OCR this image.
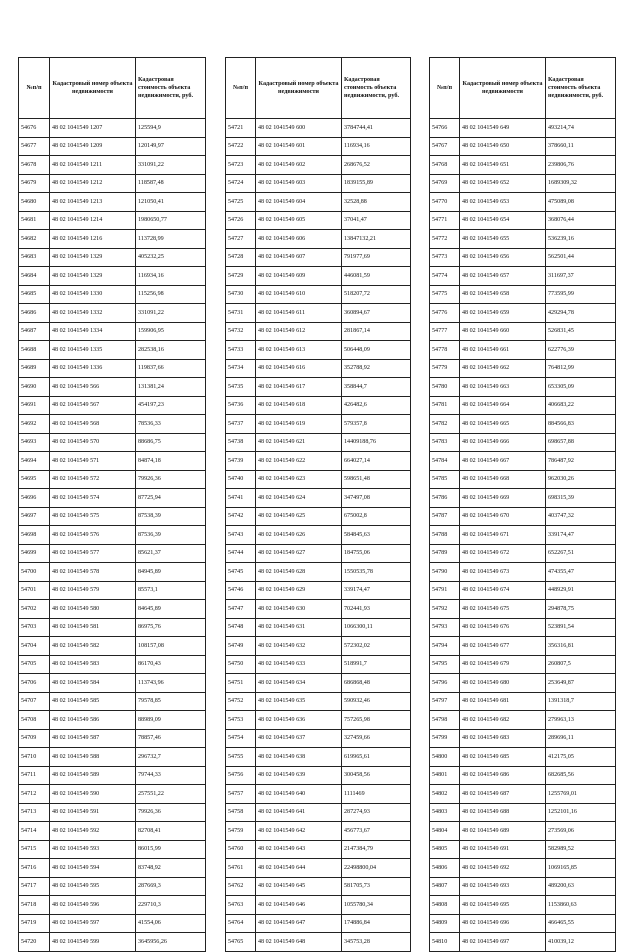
№п/п	Кадастровый номер объекта недвижимости	Кадастровая стоимость объекта недвижимости, руб.
54676	48 02 1041549 1207	125594,9
54677	48 02 1041549 1209	120149,97
54678	48 02 1041549 1211	331091,22
54679	48 02 1041549 1212	118587,48
54680	48 02 1041549 1213	121050,41
54681	48 02 1041549 1214	1980650,77
54682	48 02 1041549 1216	113728,99
54683	48 02 1041549 1329	405232,25
54684	48 02 1041549 1329	116934,16
54685	48 02 1041549 1330	115256,98
54686	48 02 1041549 1332	331091,22
54687	48 02 1041549 1334	159906,95
54688	48 02 1041549 1335	282538,16
54689	48 02 1041549 1336	119837,66
54690	48 02 1041549 566	131381,24
54691	48 02 1041549 567	454197,23
54692	48 02 1041549 568	78536,33
54693	48 02 1041549 570	88686,75
54694	48 02 1041549 571	84874,18
54695	48 02 1041549 572	79926,36
54696	48 02 1041549 574	87725,94
54697	48 02 1041549 575	87538,39
54698	48 02 1041549 576	87536,39
54699	48 02 1041549 577	85621,37
54700	48 02 1041549 578	84945,89
54701	48 02 1041549 579	85573,1
54702	48 02 1041549 580	84645,89
54703	48 02 1041549 581	86975,76
54704	48 02 1041549 582	108157,08
54705	48 02 1041549 583	86170,43
54706	48 02 1041549 584	113743,96
54707	48 02 1041549 585	79578,85
54708	48 02 1041549 586	88989,09
54709	48 02 1041549 587	78857,46
54710	48 02 1041549 588	296732,7
54711	48 02 1041549 589	79744,33
54712	48 02 1041549 590	257551,22
54713	48 02 1041549 591	79926,36
54714	48 02 1041549 592	82708,41
54715	48 02 1041549 593	86015,99
54716	48 02 1041549 594	83748,92
54717	48 02 1041549 595	287669,3
54718	48 02 1041549 596	229710,3
54719	48 02 1041549 597	41554,06
54720	48 02 1041549 599	3645956,26
№п/п	Кадастровый номер объекта недвижимости	Кадастровая стоимость объекта недвижимости, руб.
54721	48 02 1041549 600	3784744,41
54722	48 02 1041549 601	116934,16
54723	48 02 1041549 602	268676,52
54724	48 02 1041549 603	1839155,89
54725	48 02 1041549 604	32528,88
54726	48 02 1041549 605	37041,47
54727	48 02 1041549 606	13847132,21
54728	48 02 1041549 607	791977,69
54729	48 02 1041549 609	446081,59
54730	48 02 1041549 610	518207,72
54731	48 02 1041549 611	360894,67
54732	48 02 1041549 612	281867,14
54733	48 02 1041549 613	506448,09
54734	48 02 1041549 616	352788,92
54735	48 02 1041549 617	358844,7
54736	48 02 1041549 618	426482,6
54737	48 02 1041549 619	579357,8
54738	48 02 1041549 621	14409188,76
54739	48 02 1041549 622	664027,14
54740	48 02 1041549 623	598651,48
54741	48 02 1041549 624	347497,08
54742	48 02 1041549 625	675002,8
54743	48 02 1041549 626	584845,63
54744	48 02 1041549 627	184755,06
54745	48 02 1041549 628	1550535,78
54746	48 02 1041549 629	339174,47
54747	48 02 1041549 630	702441,93
54748	48 02 1041549 631	1066300,11
54749	48 02 1041549 632	572302,02
54750	48 02 1041549 633	518991,7
54751	48 02 1041549 634	686868,48
54752	48 02 1041549 635	590932,46
54753	48 02 1041549 636	757265,98
54754	48 02 1041549 637	327459,66
54755	48 02 1041549 638	619965,61
54756	48 02 1041549 639	300458,56
54757	48 02 1041549 640	1111469
54758	48 02 1041549 641	287274,93
54759	48 02 1041549 642	456773,67
54760	48 02 1041549 643	2147384,79
54761	48 02 1041549 644	22498800,04
54762	48 02 1041549 645	581705,73
54763	48 02 1041549 646	1055780,34
54764	48 02 1041549 647	174886,84
54765	48 02 1041549 648	345753,28
№п/п	Кадастровый номер объекта недвижимости	Кадастровая стоимость объекта недвижимости, руб.
54766	48 02 1041549 649	493214,74
54767	48 02 1041549 650	378660,11
54768	48 02 1041549 651	239806,76
54769	48 02 1041549 652	1689309,32
54770	48 02 1041549 653	475089,08
54771	48 02 1041549 654	368076,44
54772	48 02 1041549 655	536239,16
54773	48 02 1041549 656	562501,44
54774	48 02 1041549 657	311697,37
54775	48 02 1041549 658	773595,99
54776	48 02 1041549 659	429294,78
54777	48 02 1041549 660	526831,45
54778	48 02 1041549 661	622776,39
54779	48 02 1041549 662	764812,99
54780	48 02 1041549 663	653305,09
54781	48 02 1041549 664	406683,22
54782	48 02 1041549 665	884566,83
54783	48 02 1041549 666	698657,88
54784	48 02 1041549 667	786487,92
54785	48 02 1041549 668	962030,26
54786	48 02 1041549 669	698315,39
54787	48 02 1041549 670	403747,32
54788	48 02 1041549 671	339174,47
54789	48 02 1041549 672	652267,51
54790	48 02 1041549 673	474355,47
54791	48 02 1041549 674	448929,91
54792	48 02 1041549 675	294878,75
54793	48 02 1041549 676	523891,54
54794	48 02 1041549 677	356316,81
54795	48 02 1041549 679	260807,5
54796	48 02 1041549 680	253649,87
54797	48 02 1041549 681	1391318,7
54798	48 02 1041549 682	279963,13
54799	48 02 1041549 683	289696,11
54800	48 02 1041549 685	412175,05
54801	48 02 1041549 686	682685,56
54802	48 02 1041549 687	1255769,01
54803	48 02 1041549 688	1252101,16
54804	48 02 1041549 689	273569,06
54805	48 02 1041549 691	582989,52
54806	48 02 1041549 692	1069165,85
54807	48 02 1041549 693	489200,63
54808	48 02 1041549 695	1153860,63
54809	48 02 1041549 696	466465,55
54810	48 02 1041549 697	410039,12
